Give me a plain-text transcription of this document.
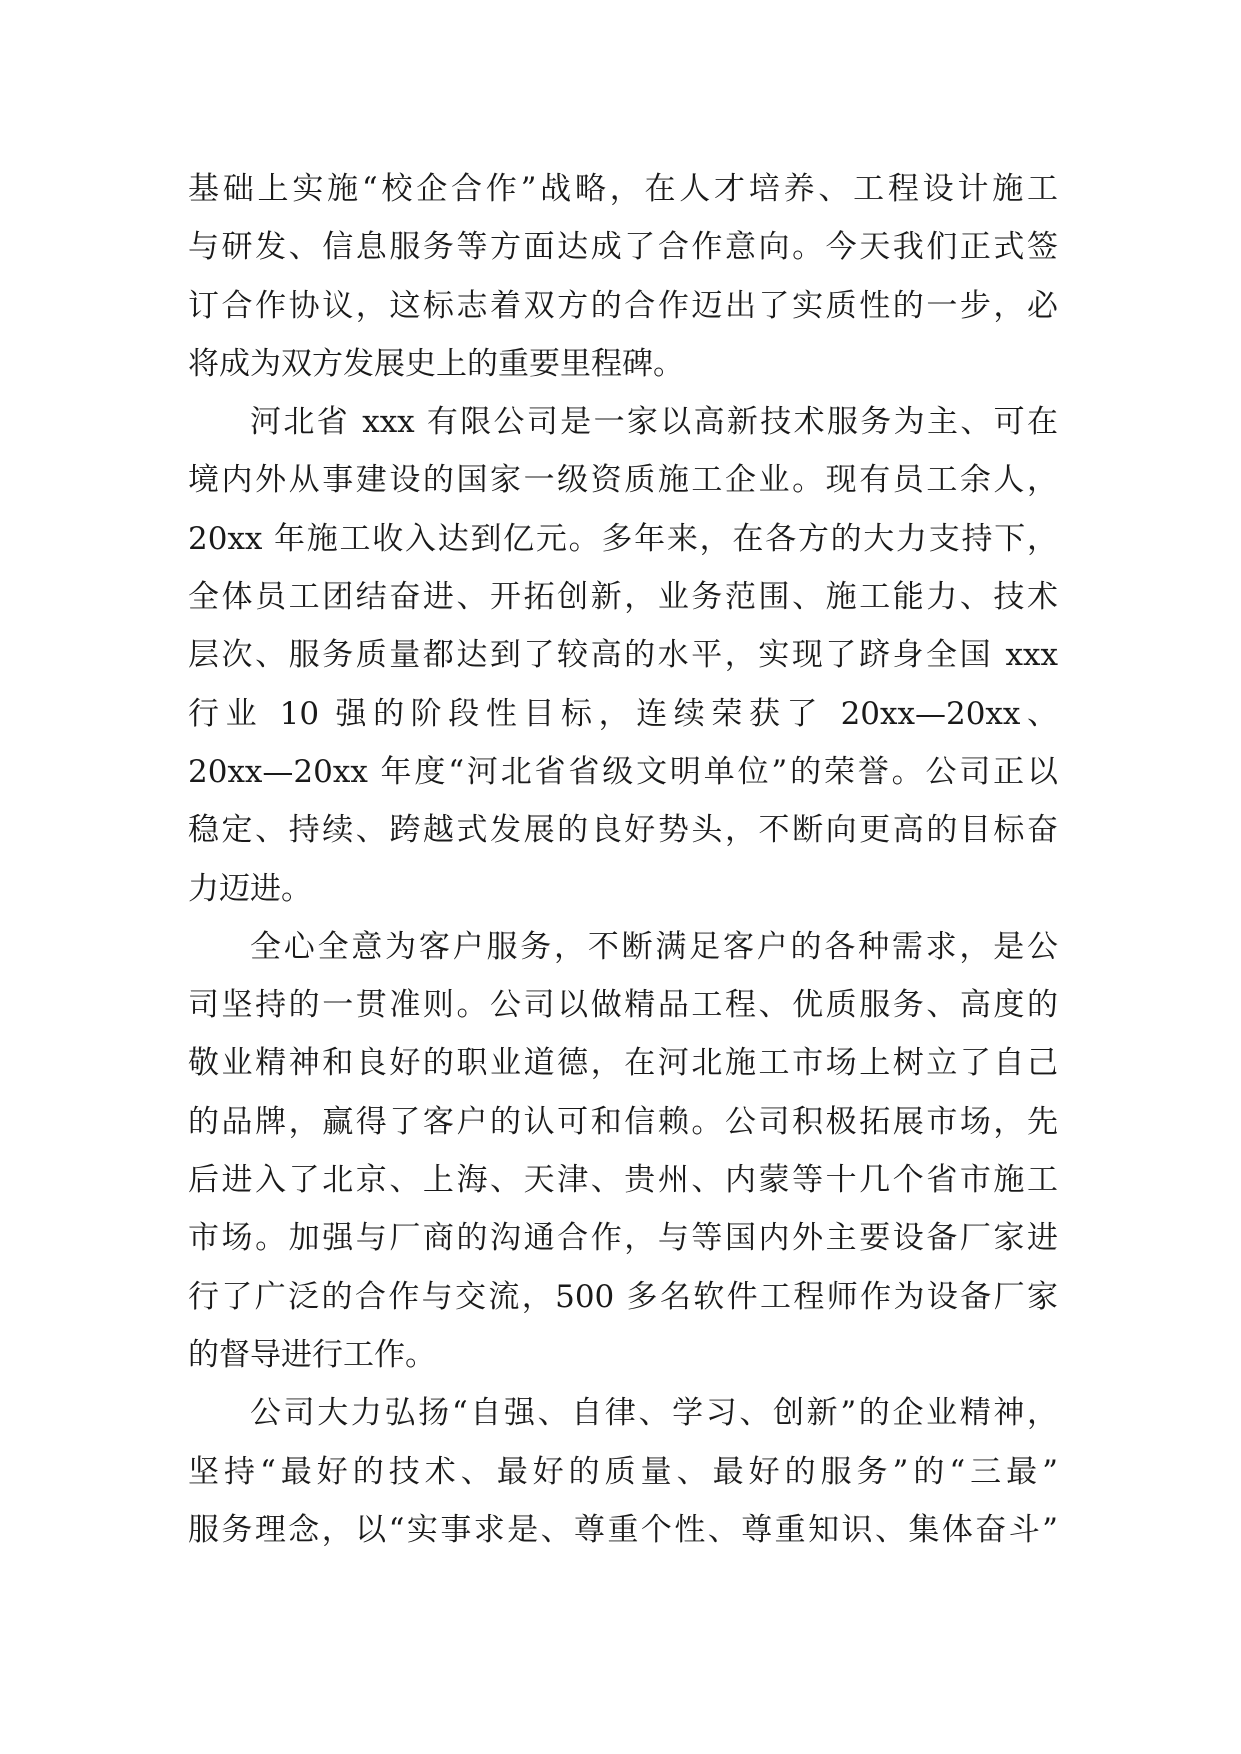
基础上实施“校企合作”战略，在人才培养、工程设计施工
与研发、信息服务等方面达成了合作意向。今天我们正式签
订合作协议，这标志着双方的合作迈出了实质性的一步，必
将成为双方发展史上的重要里程碑。
河北省 xxx 有限公司是一家以高新技术服务为主、可在
境内外从事建设的国家一级资质施工企业。现有员工余人，
20xx 年施工收入达到亿元。多年来，在各方的大力支持下，
全体员工团结奋进、开拓创新，业务范围、施工能力、技术
层次、服务质量都达到了较高的水平，实现了跻身全国 xxx
行业 10 强的阶段性目标，连续荣获了 20xx—20xx、
20xx—20xx 年度“河北省省级文明单位”的荣誉。公司正以
稳定、持续、跨越式发展的良好势头，不断向更高的目标奋
力迈进。
全心全意为客户服务，不断满足客户的各种需求，是公
司坚持的一贯准则。公司以做精品工程、优质服务、高度的
敬业精神和良好的职业道德，在河北施工市场上树立了自己
的品牌，赢得了客户的认可和信赖。公司积极拓展市场，先
后进入了北京、上海、天津、贵州、内蒙等十几个省市施工
市场。加强与厂商的沟通合作，与等国内外主要设备厂家进
行了广泛的合作与交流，500 多名软件工程师作为设备厂家
的督导进行工作。
公司大力弘扬“自强、自律、学习、创新”的企业精神，
坚持“最好的技术、最好的质量、最好的服务”的“三最”
服务理念，以“实事求是、尊重个性、尊重知识、集体奋斗”
